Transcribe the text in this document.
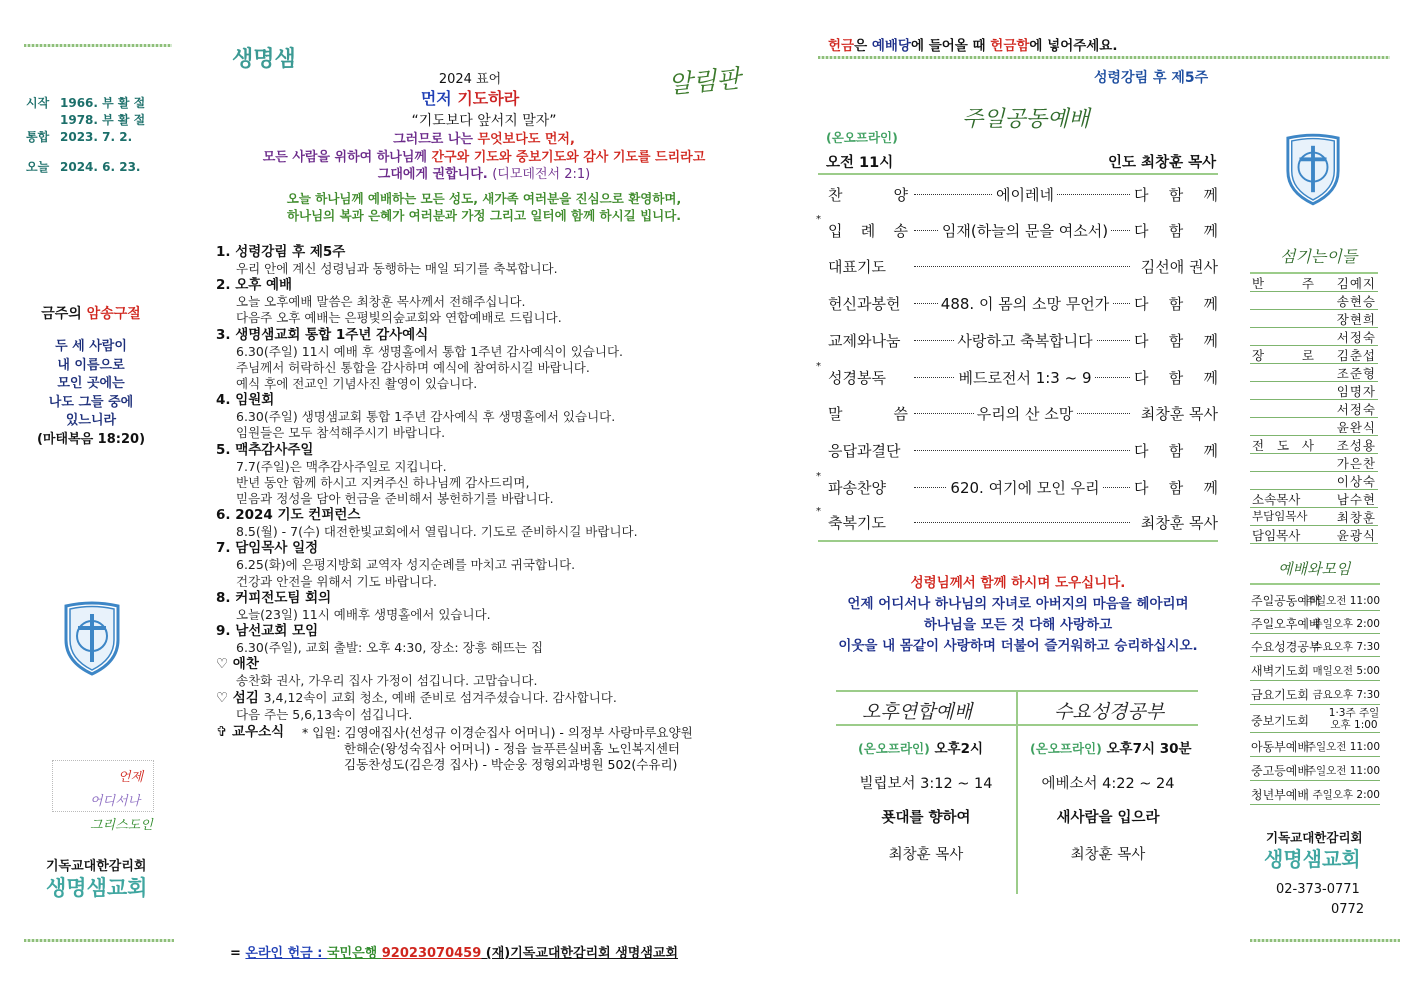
시작 1966. 부 활 절
1978. 부 활 절
통합 2023. 7. 2.
오늘 2024. 6. 23.
금주의 암송구절
두 세 사람이
내 이름으로
모인 곳에는
나도 그들 중에
있느니라
(마태복음 18:20)
언제
어디서나
그리스도인
기독교대한감리회
생명샘교회
생명샘
알림판
2024 표어
먼저 기도하라
“기도보다 앞서지 말자”
그러므로 나는 무엇보다도 먼저,
모든 사람을 위하여 하나님께 간구와 기도와 중보기도와 감사 기도를 드리라고
그대에게 권합니다. (디모데전서 2:1)
오늘 하나님께 예배하는 모든 성도, 새가족 여러분을 진심으로 환영하며,
하나님의 복과 은혜가 여러분과 가정 그리고 일터에 함께 하시길 빕니다.
1. 성령강림 후 제5주
우리 안에 계신 성령님과 동행하는 매일 되기를 축복합니다.
2. 오후 예배
오늘 오후예배 말씀은 최창훈 목사께서 전해주십니다.
다음주 오후 예배는 은평빛의숲교회와 연합예배로 드립니다.
3. 생명샘교회 통합 1주년 감사예식
6.30(주일) 11시 예배 후 생명홀에서 통합 1주년 감사예식이 있습니다.
주님께서 허락하신 통합을 감사하며 예식에 참여하시길 바랍니다.
예식 후에 전교인 기념사진 촬영이 있습니다.
4. 임원회
6.30(주일) 생명샘교회 통합 1주년 감사예식 후 생명홀에서 있습니다.
임원들은 모두 참석해주시기 바랍니다.
5. 맥추감사주일
7.7(주일)은 맥추감사주일로 지킵니다.
반년 동안 함께 하시고 지켜주신 하나님께 감사드리며,
믿음과 정성을 담아 헌금을 준비해서 봉헌하기를 바랍니다.
6. 2024 기도 컨퍼런스
8.5(월) - 7(수) 대전한빛교회에서 열립니다. 기도로 준비하시길 바랍니다.
7. 담임목사 일정
6.25(화)에 은평지방회 교역자 성지순례를 마치고 귀국합니다.
건강과 안전을 위해서 기도 바랍니다.
8. 커피전도팀 회의
오늘(23일) 11시 예배후 생명홀에서 있습니다.
9. 남선교회 모임
6.30(주일), 교회 출발: 오후 4:30, 장소: 장흥 해뜨는 집
♡ 애찬
송찬화 권사, 가우리 집사 가정이 섬깁니다. 고맙습니다.
♡ 섬김 3,4,12속이 교회 청소, 예배 준비로 섬겨주셨습니다. 감사합니다.
다음 주는 5,6,13속이 섬깁니다.
✞ 교우소식 * 입원: 김영애집사(선성규 이경순집사 어머니) - 의정부 사랑마루요양원
한해순(왕성숙집사 어머니) - 정읍 늘푸른실버홈 노인복지센터
김동찬성도(김은경 집사) - 박순웅 정형외과병원 502(수유리)
= 온라인 헌금 : 국민은행 92023070459 (재)기독교대한감리회 생명샘교회
헌금은 예배당에 들어올 때 헌금함에 넣어주세요.
성령강림 후 제5주
주일공동예배
(온오프라인)
오전 11시	인도 최창훈 목사
찬 양	에이레네	다 함 께
*
입 례 송	임재(하늘의 문을 여소서)	다 함 께
대표기도	김선애 권사
헌신과봉헌	488. 이 몸의 소망 무언가	다 함 께
교제와나눔	사랑하고 축복합니다	다 함 께
*
성경봉독	베드로전서 1:3 ~ 9	다 함 께
말 씀	우리의 산 소망	최창훈 목사
응답과결단	다 함 께
*
파송찬양	620. 여기에 모인 우리	다 함 께
*
축복기도	최창훈 목사
성령님께서 함께 하시며 도우십니다.
언제 어디서나 하나님의 자녀로 아버지의 마음을 헤아리며
하나님을 모든 것 다해 사랑하고
이웃을 내 몸같이 사랑하며 더불어 즐거워하고 승리하십시오.
오후연합예배	수요성경공부
(온오프라인) 오후2시	(온오프라인) 오후7시 30분
빌립보서 3:12 ~ 14	에베소서 4:22 ~ 24
푯대를 향하여	새사람을 입으라
최창훈 목사	최창훈 목사
섬기는이들
반 주 김예지
송현승
장현희
서정숙
장 로 김춘섭
조준형
임명자
서정숙
윤완식
전 도 사 조성용
가은찬
이상숙
소속목사	남수현
부담임목사	최창훈
담임목사	윤광식
예배와모임
주일공동예배
주일오전 11:00
주일오후예배
주일오후 2:00
수요성경공부
수요오후 7:30
새벽기도회 매일오전 5:00
금요기도회 금요오후 7:30
중보기도회
1·3주 주일오후 1:00
아동부예배
주일오전 11:00
중고등예배
주일오전 11:00
청년부예배 주일오후 2:00
기독교대한감리회
생명샘교회
02-373-0771
0772
